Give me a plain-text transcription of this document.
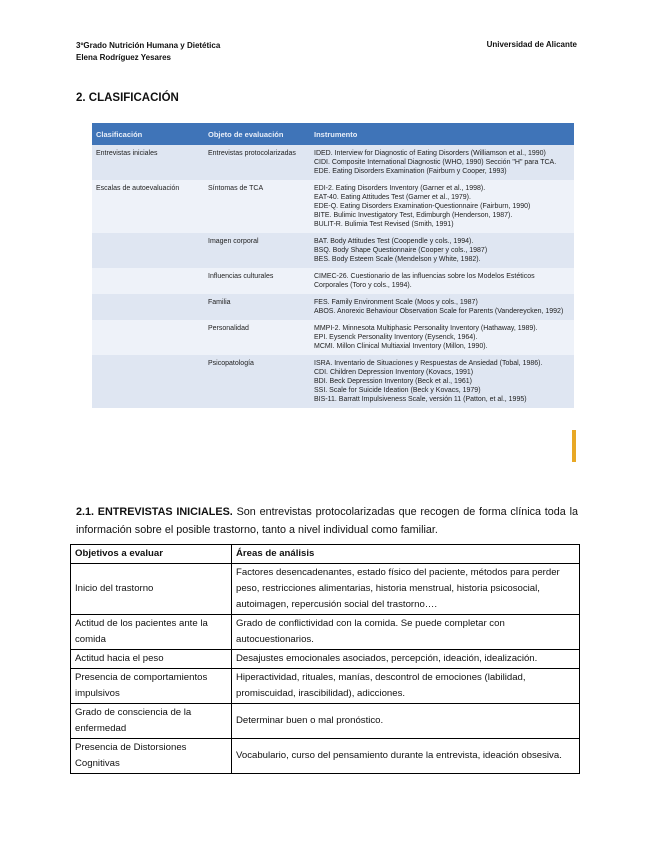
3ºGrado Nutrición Humana y Dietética
Elena Rodríguez Yesares
Universidad de Alicante
2. CLASIFICACIÓN
Clasificación	Objeto de evaluación	Instrumento
Entrevistas iniciales	Entrevistas protocolarizadas	IDED. Interview for Diagnostic of Eating Disorders (Williamson et al., 1990)
CIDI. Composite International Diagnostic (WHO, 1990) Sección "H" para TCA.
EDE. Eating Disorders Examination (Fairburn y Cooper, 1993)

Escalas de autoevaluación	Síntomas de TCA	EDI-2. Eating Disorders Inventory (Garner et al., 1998).
EAT-40. Eating Attitudes Test (Garner et al., 1979).
EDE-Q. Eating Disorders Examination-Questionnaire (Fairburn, 1990)
BITE. Bulimic Investigatory Test, Edimburgh (Henderson, 1987).
BULIT-R. Bulimia Test Revised (Smith, 1991)

	Imagen corporal	BAT. Body Attitudes Test (Coopendle y cols., 1994).
BSQ. Body Shape Questionnaire (Cooper y cols., 1987)
BES. Body Esteem Scale (Mendelson y White, 1982).

	Influencias culturales	CIMEC-26. Cuestionario de las influencias sobre los Modelos Estéticos Corporales (Toro y cols., 1994).

	Familia	FES. Family Environment Scale (Moos y cols., 1987)
ABOS. Anorexic Behaviour Observation Scale for Parents (Vandereycken, 1992)

	Personalidad	MMPI-2. Minnesota Multiphasic Personality Inventory (Hathaway, 1989).
EPI. Eysenck Personality Inventory (Eysenck, 1964).
MCMI. Millon Clinical Multiaxial Inventory (Millon, 1990).

	Psicopatología	ISRA. Inventario de Situaciones y Respuestas de Ansiedad (Tobal, 1986).
CDI. Children Depression Inventory (Kovacs, 1991)
BDI. Beck Depression Inventory (Beck et al., 1961)
SSI. Scale for Suicide Ideation (Beck y Kovacs, 1979)
BIS-11. Barratt Impulsiveness Scale, versión 11 (Patton, et al., 1995)
2.1. ENTREVISTAS INICIALES. Son entrevistas protocolarizadas que recogen de forma clínica toda la información sobre el posible trastorno, tanto a nivel individual como familiar.
Objetivos a evaluar	Áreas de análisis
Inicio del trastorno	Factores desencadenantes, estado físico del paciente, métodos para perder peso, restricciones alimentarias, historia menstrual, historia psicosocial, autoimagen, repercusión social del trastorno….
Actitud de los pacientes ante la comida	Grado de conflictividad con la comida. Se puede completar con autocuestionarios.
Actitud hacia el peso	Desajustes emocionales asociados, percepción, ideación, idealización.
Presencia de comportamientos impulsivos	Hiperactividad, rituales, manías, descontrol de emociones (labilidad, promiscuidad, irascibilidad), adicciones.
Grado de consciencia de la enfermedad	Determinar buen o mal pronóstico.
Presencia de Distorsiones Cognitivas	Vocabulario, curso del pensamiento durante la entrevista, ideación obsesiva.
